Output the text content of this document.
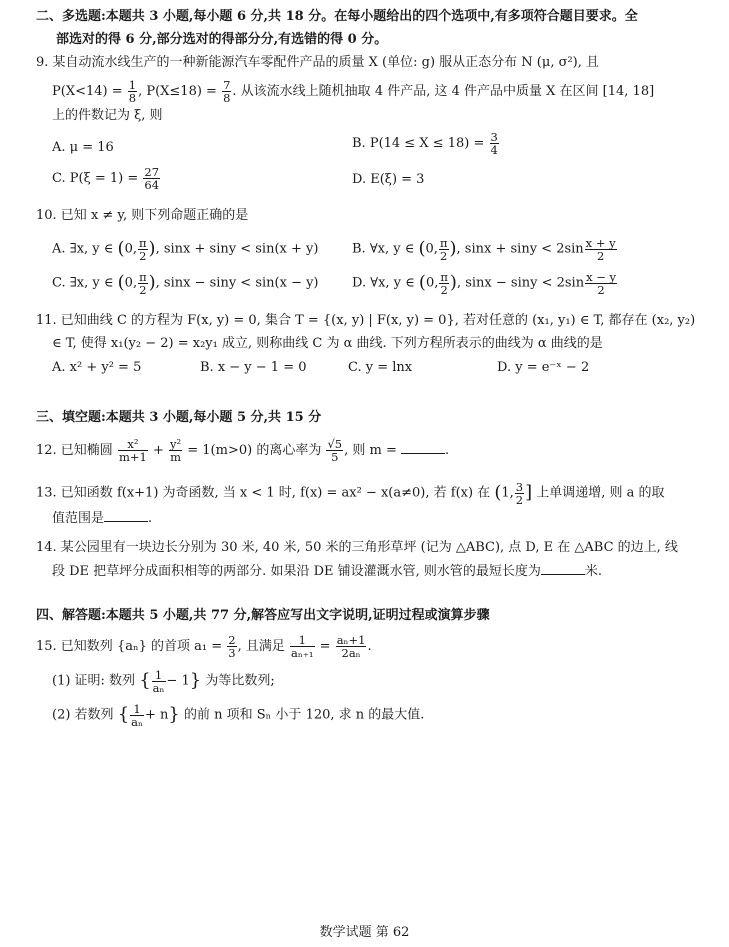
二、多选题:本题共 3 小题,每小题 6 分,共 18 分。在每小题给出的四个选项中,有多项符合题目要求。全
部选对的得 6 分,部分选对的得部分分,有选错的得 0 分。
9. 某自动流水线生产的一种新能源汽车零配件产品的质量 X (单位: g) 服从正态分布 N (μ, σ²), 且
$P(X<14) = \frac{1}{8}$ , $P(X\le 18) = \frac{7}{8}$ . 从该流水线上随机抽取 4 件产品, 这 4 件产品中质量 X 在区间 [14, 18]
上的件数记为 ξ, 则
A. μ = 16	B. $P(14 \le X \le 18) = \frac{3}{4}$
C. $P(\xi = 1) = \frac{27}{64}$	D. E(ξ) = 3
10. 已知 x ≠ y, 则下列命题正确的是
A. ∃x, y ∈ (0, $\frac{\pi}{2}$ ), sinx + siny < sin(x + y)	B. ∀x, y ∈ (0, $\frac{\pi}{2}$ ), $\sin x + \sin y < 2\sin \frac{x + y}{2}$
C. ∃x, y ∈ (0, $\frac{\pi}{2}$ ), sinx − siny < sin(x − y)	D. ∀x, y ∈ (0, $\frac{\pi}{2}$ ), $\sin x - \sin y < 2\sin \frac{x - y}{2}$
11. 已知曲线 C 的方程为 F(x, y) = 0, 集合 T = {(x, y) | F(x, y) = 0}, 若对任意的 (x₁, y₁) ∈ T, 都存在 (x₂, y₂)
∈ T, 使得 x₁(y₂ − 2) = x₂y₁ 成立, 则称曲线 C 为 α 曲线. 下列方程所表示的曲线为 α 曲线的是
A. x² + y² = 5	B. x − y − 1 = 0	C. y = lnx	D. y = e⁻ˣ − 2
三、填空题:本题共 3 小题,每小题 5 分,共 15 分
12. 已知椭圆 $\frac{\text{x²}}{m+1} + \frac{\text{y²}}{m} = 1(m>0)$ 的离心率为 $\frac{√5}{5}$ , 则 m =	.
13. 已知函数 f(x+1) 为奇函数, 当 x < 1 时, f(x) = ax² − x(a≠0), 若 f(x) 在 (1, $\frac{3}{2}$ ] 上单调递增, 则 a 的取
值范围是	.
14. 某公园里有一块边长分别为 30 米, 40 米, 50 米的三角形草坪 (记为 △ABC), 点 D, E 在 △ABC 的边上, 线
段 DE 把草坪分成面积相等的两部分. 如果沿 DE 铺设灌溉水管, 则水管的最短长度为	米.
四、解答题:本题共 5 小题,共 77 分,解答应写出文字说明,证明过程或演算步骤
15. 已知数列 {aₙ} 的首项 $a_1 = \frac{2}{3}$ , 且满足 $\frac{1}{\text{aₙ₊₁}} = \frac{\text{aₙ+1}}{\text{2aₙ}}$ .
(1) 证明: 数列 { $\frac{1}{\text{aₙ}} - 1$} 为等比数列;
(2) 若数列 { $\frac{1}{\text{aₙ}} + n$} 的前 n 项和 Sₙ 小于 120, 求 n 的最大值.
数学试题 第 62
